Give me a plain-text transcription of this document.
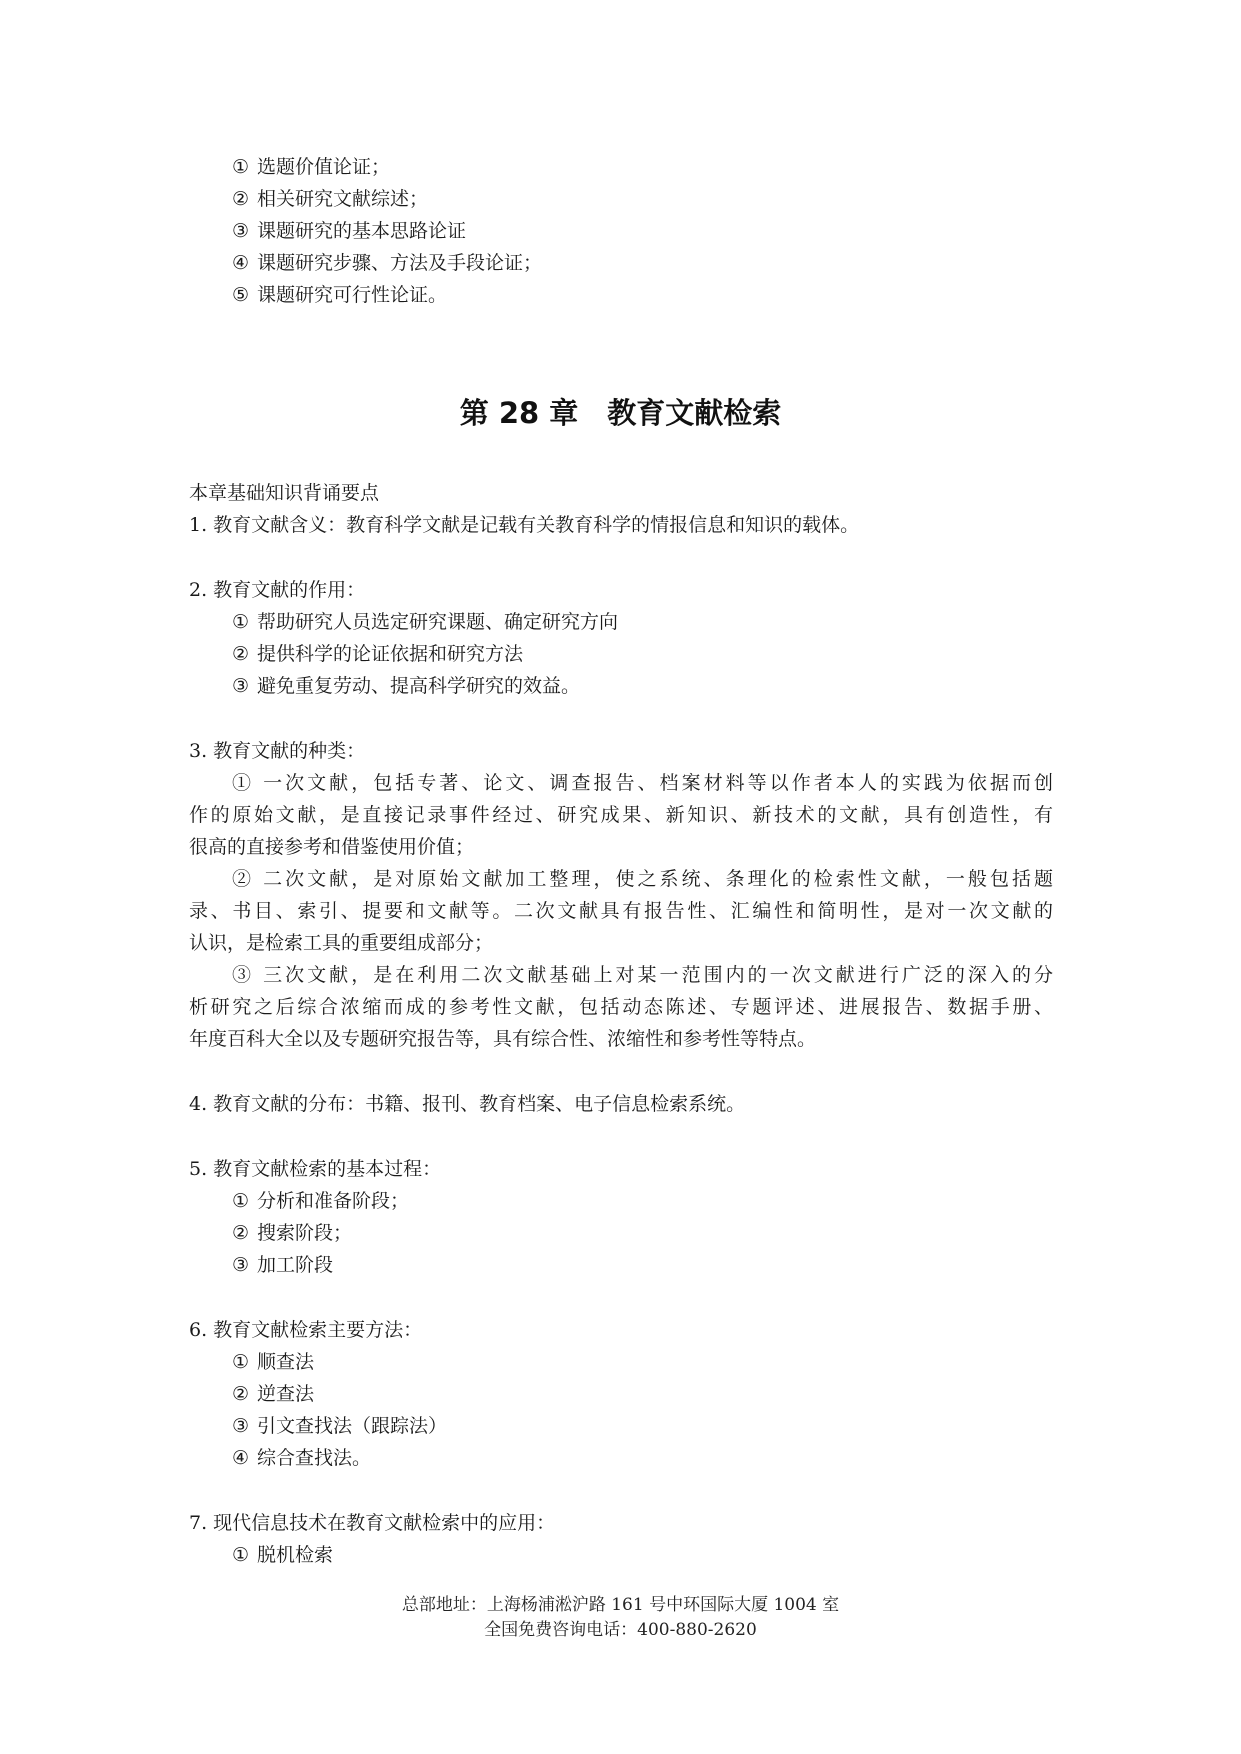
① 选题价值论证；
② 相关研究文献综述；
③ 课题研究的基本思路论证
④ 课题研究步骤、方法及手段论证；
⑤ 课题研究可行性论证。
第 28 章　教育文献检索
本章基础知识背诵要点
1. 教育文献含义：教育科学文献是记载有关教育科学的情报信息和知识的载体。
2. 教育文献的作用：
① 帮助研究人员选定研究课题、确定研究方向
② 提供科学的论证依据和研究方法
③ 避免重复劳动、提高科学研究的效益。
3. 教育文献的种类：
① 一次文献，包括专著、论文、调查报告、档案材料等以作者本人的实践为依据而创
作的原始文献，是直接记录事件经过、研究成果、新知识、新技术的文献，具有创造性，有
很高的直接参考和借鉴使用价值；
② 二次文献，是对原始文献加工整理，使之系统、条理化的检索性文献，一般包括题
录、书目、索引、提要和文献等。二次文献具有报告性、汇编性和简明性，是对一次文献的
认识，是检索工具的重要组成部分；
③ 三次文献，是在利用二次文献基础上对某一范围内的一次文献进行广泛的深入的分
析研究之后综合浓缩而成的参考性文献，包括动态陈述、专题评述、进展报告、数据手册、
年度百科大全以及专题研究报告等，具有综合性、浓缩性和参考性等特点。
4. 教育文献的分布：书籍、报刊、教育档案、电子信息检索系统。
5. 教育文献检索的基本过程：
① 分析和准备阶段；
② 搜索阶段；
③ 加工阶段
6. 教育文献检索主要方法：
① 顺查法
② 逆查法
③ 引文查找法（跟踪法）
④ 综合查找法。
7. 现代信息技术在教育文献检索中的应用：
① 脱机检索
总部地址：上海杨浦淞沪路 161 号中环国际大厦 1004 室
全国免费咨询电话：400-880-2620
